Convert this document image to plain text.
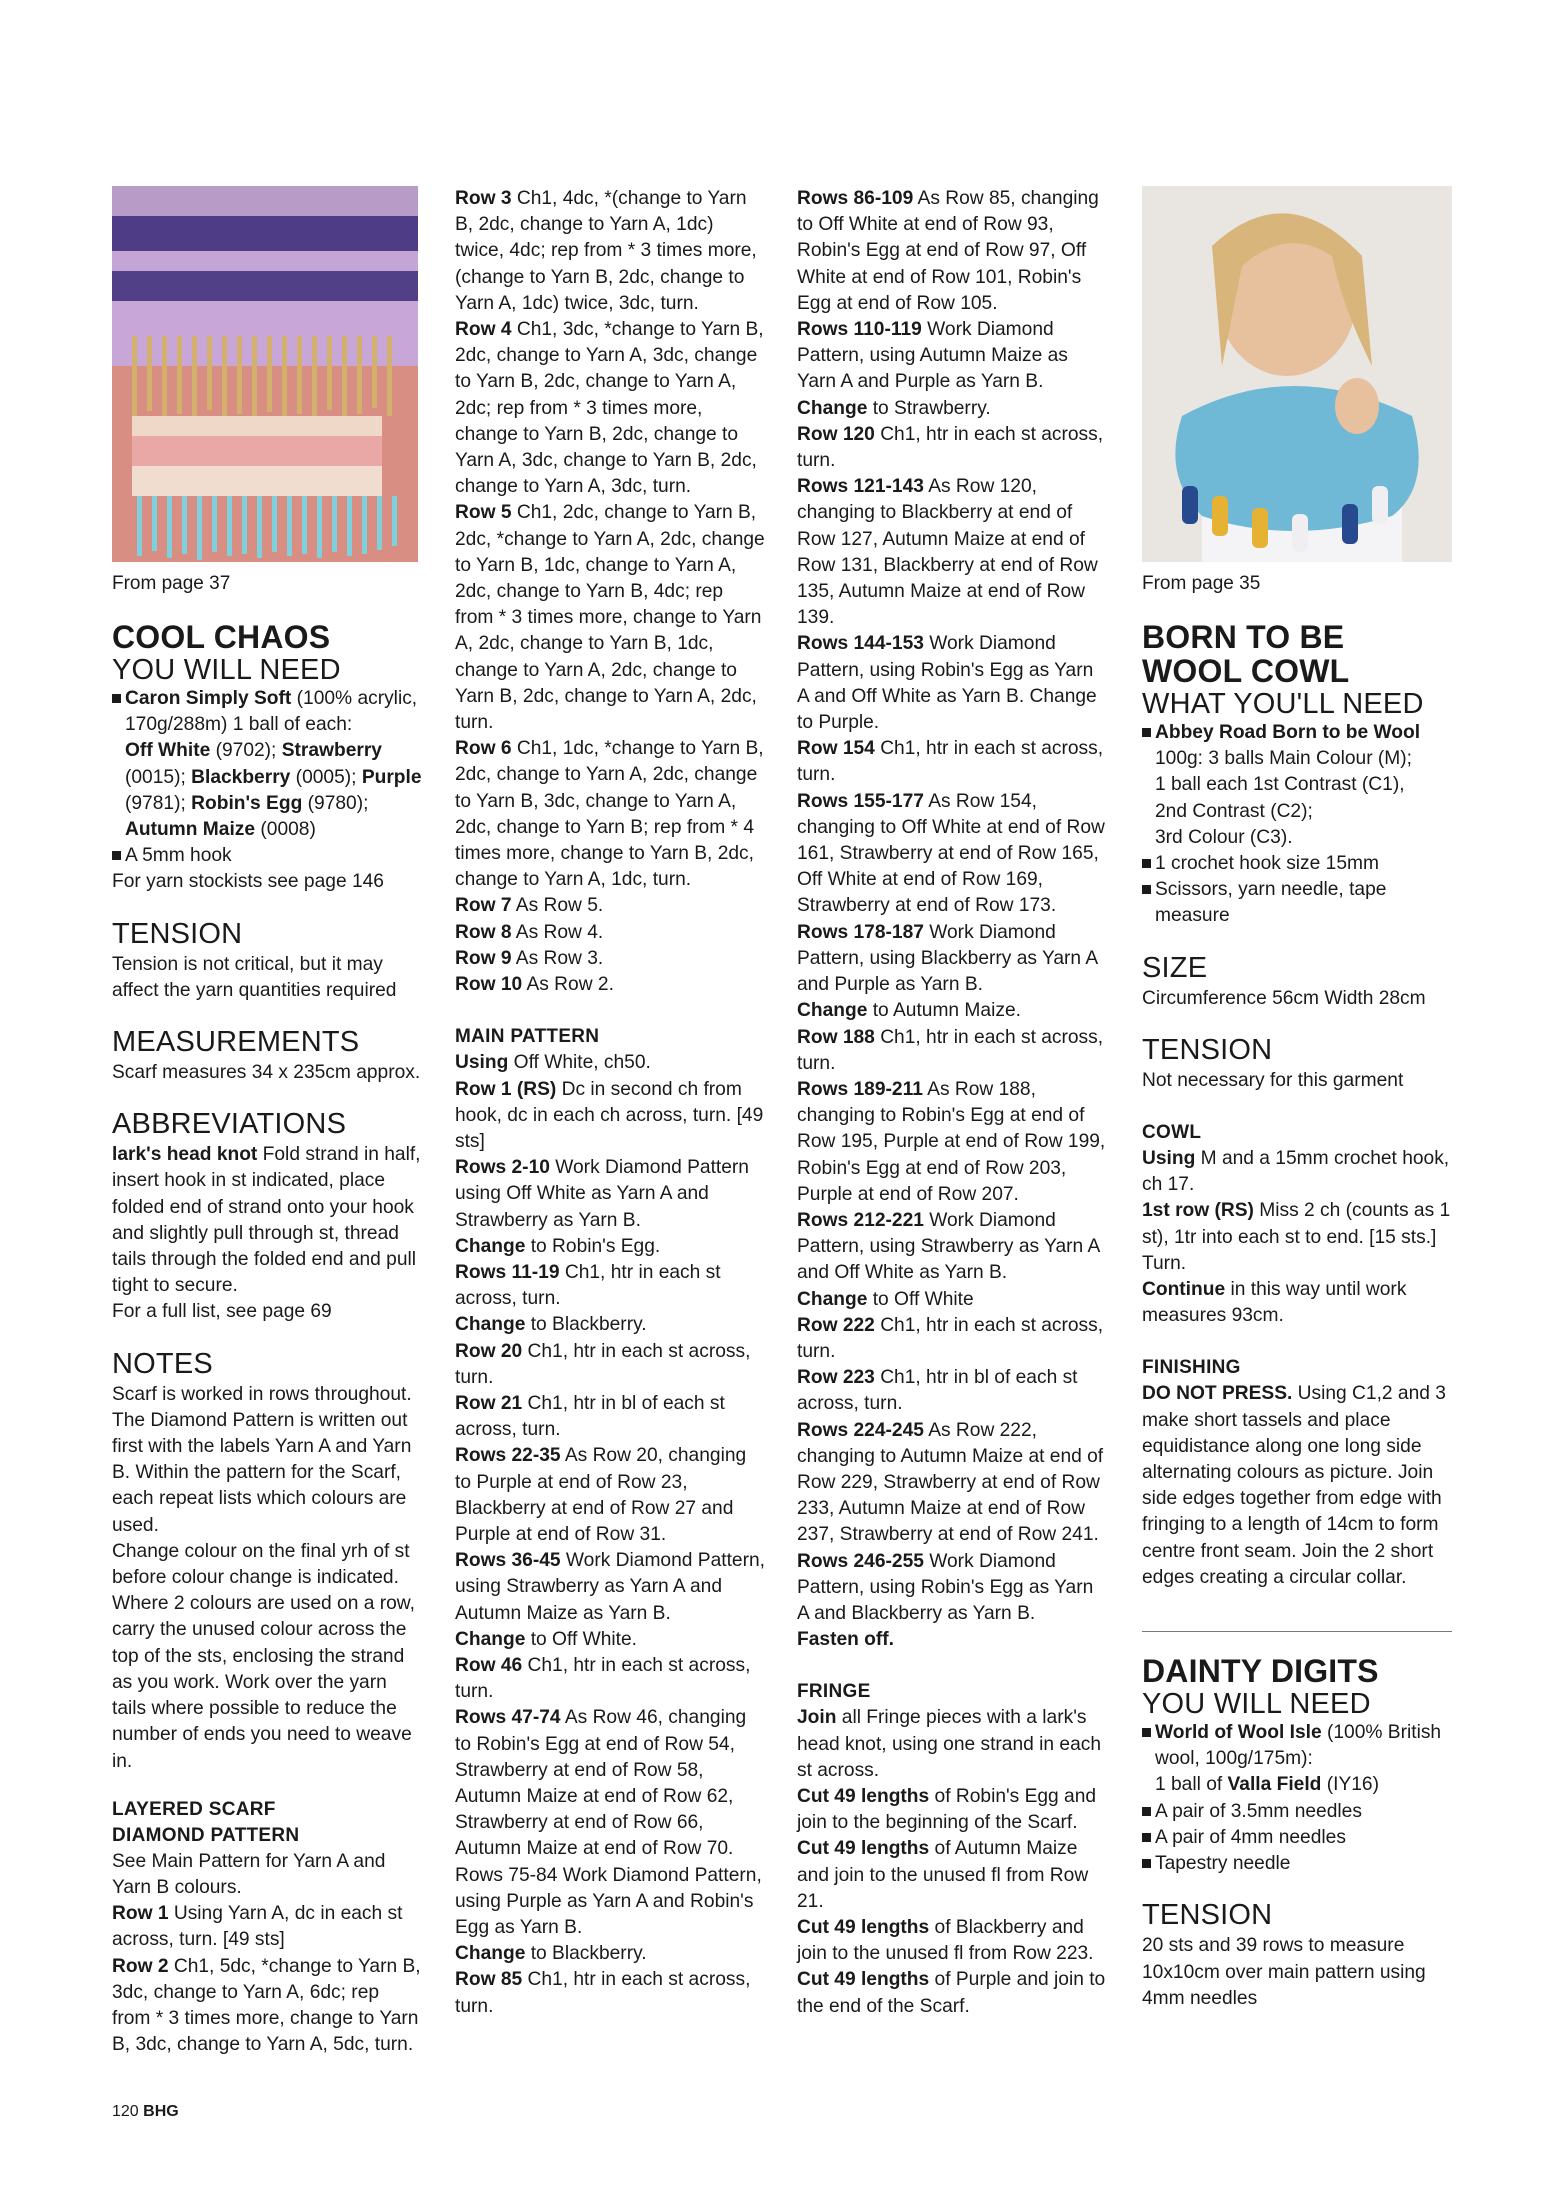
From page 37
COOL CHAOS
YOU WILL NEED
Caron Simply Soft (100% acrylic, 170g/288m) 1 ball of each:
Off White (9702); Strawberry (0015); Blackberry (0005); Purple (9781); Robin's Egg (9780); Autumn Maize (0008)
A 5mm hook

For yarn stockists see page 146

TENSION

Tension is not critical, but it may affect the yarn quantities required

MEASUREMENTS

Scarf measures 34 x 235cm approx.

ABBREVIATIONS

lark's head knot Fold strand in half, insert hook in st indicated, place folded end of strand onto your hook and slightly pull through st, thread tails through the folded end and pull tight to secure.

For a full list, see page 69

NOTES

Scarf is worked in rows throughout. The Diamond Pattern is written out first with the labels Yarn A and Yarn B. Within the pattern for the Scarf, each repeat lists which colours are used.

Change colour on the final yrh of st before colour change is indicated. Where 2 colours are used on a row, carry the unused colour across the top of the sts, enclosing the strand as you work. Work over the yarn tails where possible to reduce the number of ends you need to weave in.

LAYERED SCARF
DIAMOND PATTERN

See Main Pattern for Yarn A and Yarn B colours.

Row 1 Using Yarn A, dc in each st across, turn. [49 sts]

Row 2 Ch1, 5dc, *change to Yarn B, 3dc, change to Yarn A, 6dc; rep from * 3 times more, change to Yarn B, 3dc, change to Yarn A, 5dc, turn.

Row 3 Ch1, 4dc, *(change to Yarn B, 2dc, change to Yarn A, 1dc) twice, 4dc; rep from * 3 times more, (change to Yarn B, 2dc, change to Yarn A, 1dc) twice, 3dc, turn.

Row 4 Ch1, 3dc, *change to Yarn B, 2dc, change to Yarn A, 3dc, change to Yarn B, 2dc, change to Yarn A, 2dc; rep from * 3 times more, change to Yarn B, 2dc, change to Yarn A, 3dc, change to Yarn B, 2dc, change to Yarn A, 3dc, turn.

Row 5 Ch1, 2dc, change to Yarn B, 2dc, *change to Yarn A, 2dc, change to Yarn B, 1dc, change to Yarn A, 2dc, change to Yarn B, 4dc; rep from * 3 times more, change to Yarn A, 2dc, change to Yarn B, 1dc, change to Yarn A, 2dc, change to Yarn B, 2dc, change to Yarn A, 2dc, turn.

Row 6 Ch1, 1dc, *change to Yarn B, 2dc, change to Yarn A, 2dc, change to Yarn B, 3dc, change to Yarn A, 2dc, change to Yarn B; rep from * 4 times more, change to Yarn B, 2dc, change to Yarn A, 1dc, turn.

Row 7 As Row 5.

Row 8 As Row 4.

Row 9 As Row 3.

Row 10 As Row 2.

MAIN PATTERN

Using Off White, ch50.

Row 1 (RS) Dc in second ch from hook, dc in each ch across, turn. [49 sts]

Rows 2-10 Work Diamond Pattern using Off White as Yarn A and Strawberry as Yarn B.

Change to Robin's Egg.

Rows 11-19 Ch1, htr in each st across, turn.

Change to Blackberry.

Row 20 Ch1, htr in each st across, turn.

Row 21 Ch1, htr in bl of each st across, turn.

Rows 22-35 As Row 20, changing to Purple at end of Row 23, Blackberry at end of Row 27 and Purple at end of Row 31.

Rows 36-45 Work Diamond Pattern, using Strawberry as Yarn A and Autumn Maize as Yarn B.

Change to Off White.

Row 46 Ch1, htr in each st across, turn.

Rows 47-74 As Row 46, changing to Robin's Egg at end of Row 54, Strawberry at end of Row 58, Autumn Maize at end of Row 62, Strawberry at end of Row 66, Autumn Maize at end of Row 70.

Rows 75-84 Work Diamond Pattern, using Purple as Yarn A and Robin's Egg as Yarn B.

Change to Blackberry.

Row 85 Ch1, htr in each st across, turn.

Rows 86-109 As Row 85, changing to Off White at end of Row 93, Robin's Egg at end of Row 97, Off White at end of Row 101, Robin's Egg at end of Row 105.

Rows 110-119 Work Diamond Pattern, using Autumn Maize as Yarn A and Purple as Yarn B.

Change to Strawberry.

Row 120 Ch1, htr in each st across, turn.

Rows 121-143 As Row 120, changing to Blackberry at end of Row 127, Autumn Maize at end of Row 131, Blackberry at end of Row 135, Autumn Maize at end of Row 139.

Rows 144-153 Work Diamond Pattern, using Robin's Egg as Yarn A and Off White as Yarn B. Change to Purple.

Row 154 Ch1, htr in each st across, turn.

Rows 155-177 As Row 154, changing to Off White at end of Row 161, Strawberry at end of Row 165, Off White at end of Row 169, Strawberry at end of Row 173.

Rows 178-187 Work Diamond Pattern, using Blackberry as Yarn A and Purple as Yarn B.

Change to Autumn Maize.

Row 188 Ch1, htr in each st across, turn.

Rows 189-211 As Row 188, changing to Robin's Egg at end of Row 195, Purple at end of Row 199, Robin's Egg at end of Row 203, Purple at end of Row 207.

Rows 212-221 Work Diamond Pattern, using Strawberry as Yarn A and Off White as Yarn B.

Change to Off White

Row 222 Ch1, htr in each st across, turn.

Row 223 Ch1, htr in bl of each st across, turn.

Rows 224-245 As Row 222, changing to Autumn Maize at end of Row 229, Strawberry at end of Row 233, Autumn Maize at end of Row 237, Strawberry at end of Row 241.

Rows 246-255 Work Diamond Pattern, using Robin's Egg as Yarn A and Blackberry as Yarn B.

Fasten off.

FRINGE

Join all Fringe pieces with a lark's head knot, using one strand in each st across.

Cut 49 lengths of Robin's Egg and join to the beginning of the Scarf.

Cut 49 lengths of Autumn Maize and join to the unused fl from Row 21.

Cut 49 lengths of Blackberry and join to the unused fl from Row 223.

Cut 49 lengths of Purple and join to the end of the Scarf.

From page 35
BORN TO BE
WOOL COWL
WHAT YOU'LL NEED
Abbey Road Born to be Wool
100g: 3 balls Main Colour (M);
1 ball each 1st Contrast (C1),
2nd Contrast (C2);
3rd Colour (C3).
1 crochet hook size 15mm
Scissors, yarn needle, tape measure
SIZE

Circumference 56cm Width 28cm

TENSION

Not necessary for this garment

COWL

Using M and a 15mm crochet hook, ch 17.

1st row (RS) Miss 2 ch (counts as 1 st), 1tr into each st to end. [15 sts.] Turn.

Continue in this way until work measures 93cm.

FINISHING

DO NOT PRESS. Using C1,2 and 3 make short tassels and place equidistance along one long side alternating colours as picture. Join side edges together from edge with fringing to a length of 14cm to form centre front seam. Join the 2 short edges creating a circular collar.

DAINTY DIGITS
YOU WILL NEED
World of Wool Isle (100% British wool, 100g/175m):
1 ball of Valla Field (IY16)
A pair of 3.5mm needles
A pair of 4mm needles
Tapestry needle
TENSION

20 sts and 39 rows to measure 10x10cm over main pattern using 4mm needles

120 BHG
